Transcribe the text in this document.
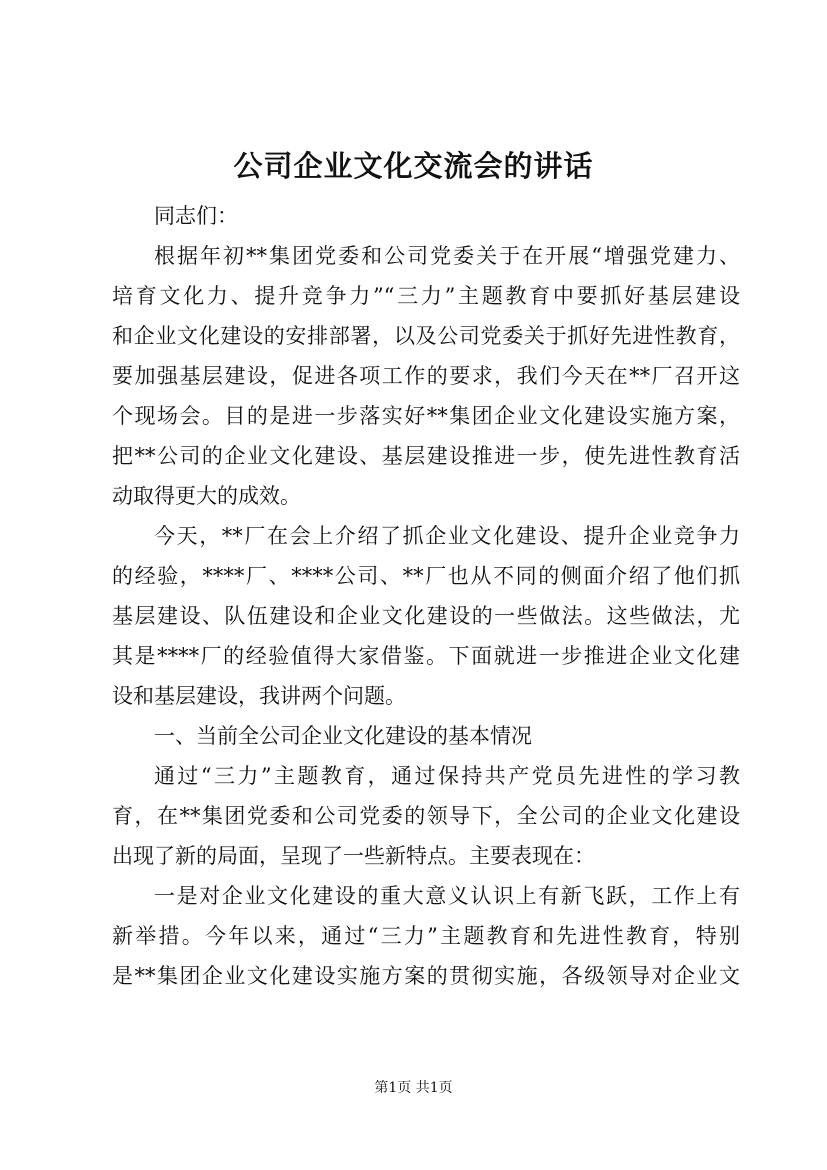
公司企业文化交流会的讲话
同志们：
根据年初**集团党委和公司党委关于在开展“增强党建力、
培育文化力、提升竞争力”“三力”主题教育中要抓好基层建设
和企业文化建设的安排部署，以及公司党委关于抓好先进性教育，
要加强基层建设，促进各项工作的要求，我们今天在**厂召开这
个现场会。目的是进一步落实好**集团企业文化建设实施方案，
把**公司的企业文化建设、基层建设推进一步，使先进性教育活
动取得更大的成效。
今天，**厂在会上介绍了抓企业文化建设、提升企业竞争力
的经验，****厂、****公司、**厂也从不同的侧面介绍了他们抓
基层建设、队伍建设和企业文化建设的一些做法。这些做法，尤
其是****厂的经验值得大家借鉴。下面就进一步推进企业文化建
设和基层建设，我讲两个问题。
一、当前全公司企业文化建设的基本情况
通过“三力”主题教育，通过保持共产党员先进性的学习教
育，在**集团党委和公司党委的领导下，全公司的企业文化建设
出现了新的局面，呈现了一些新特点。主要表现在：
一是对企业文化建设的重大意义认识上有新飞跃，工作上有
新举措。今年以来，通过“三力”主题教育和先进性教育，特别
是**集团企业文化建设实施方案的贯彻实施，各级领导对企业文
第1页 共1页
